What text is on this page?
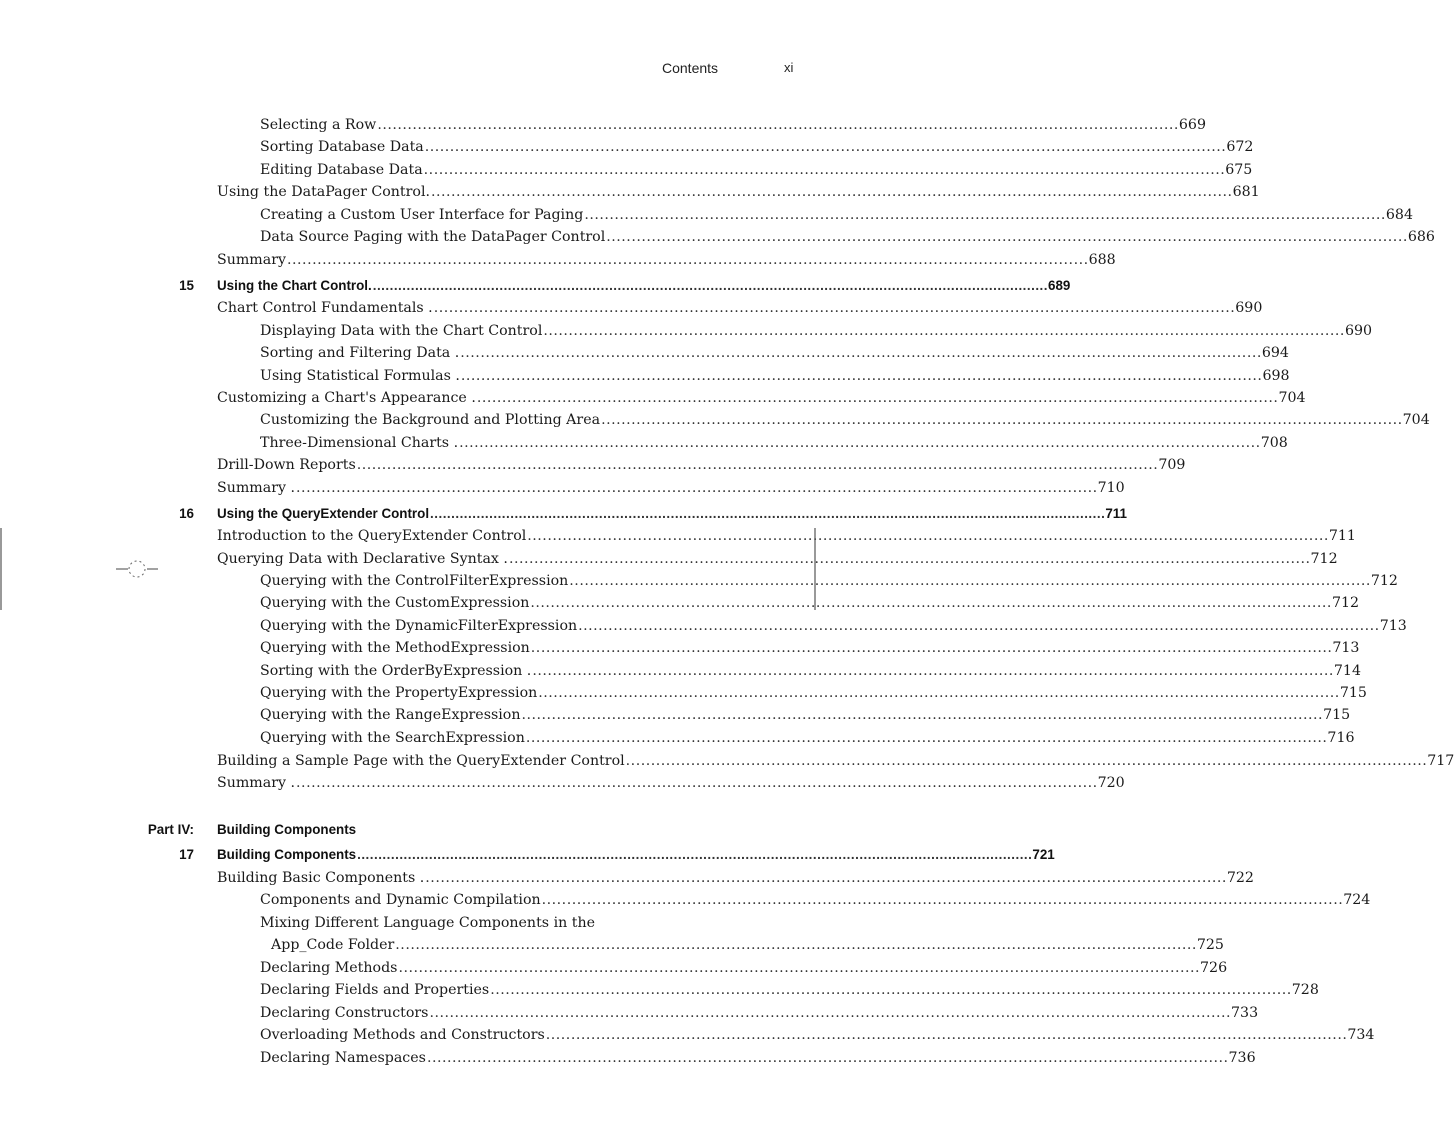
Contents	xi
Selecting a Row ................................................................................................................................................................ 669
Sorting Database Data ................................................................................................................................................................ 672
Editing Database Data ................................................................................................................................................................ 675
Using the DataPager Control. ................................................................................................................................................................ 681
Creating a Custom User Interface for Paging ................................................................................................................................................................ 684
Data Source Paging with the DataPager Control ................................................................................................................................................................ 686
Summary ................................................................................................................................................................ 688
15 Using the Chart Control. ................................................................................................................................................................ 689
Chart Control Fundamentals . ................................................................................................................................................................ 690
Displaying Data with the Chart Control ................................................................................................................................................................ 690
Sorting and Filtering Data . ................................................................................................................................................................ 694
Using Statistical Formulas . ................................................................................................................................................................ 698
Customizing a Chart's Appearance . ................................................................................................................................................................ 704
Customizing the Background and Plotting Area ................................................................................................................................................................ 704
Three-Dimensional Charts . ................................................................................................................................................................ 708
Drill-Down Reports ................................................................................................................................................................ 709
Summary . ................................................................................................................................................................ 710
16 Using the QueryExtender Control ................................................................................................................................................................ 711
Introduction to the QueryExtender Control ................................................................................................................................................................ 711
Querying Data with Declarative Syntax . ................................................................................................................................................................ 712
Querying with the ControlFilterExpression ................................................................................................................................................................ 712
Querying with the CustomExpression ................................................................................................................................................................ 712
Querying with the DynamicFilterExpression ................................................................................................................................................................ 713
Querying with the MethodExpression ................................................................................................................................................................ 713
Sorting with the OrderByExpression . ................................................................................................................................................................ 714
Querying with the PropertyExpression ................................................................................................................................................................ 715
Querying with the RangeExpression ................................................................................................................................................................ 715
Querying with the SearchExpression ................................................................................................................................................................ 716
Building a Sample Page with the QueryExtender Control ................................................................................................................................................................ 717
Summary . ................................................................................................................................................................ 720
Part IV: Building Components
17 Building Components ................................................................................................................................................................ 721
Building Basic Components . ................................................................................................................................................................ 722
Components and Dynamic Compilation ................................................................................................................................................................ 724
Mixing Different Language Components in the
App_Code Folder ................................................................................................................................................................ 725
Declaring Methods ................................................................................................................................................................ 726
Declaring Fields and Properties ................................................................................................................................................................ 728
Declaring Constructors ................................................................................................................................................................ 733
Overloading Methods and Constructors ................................................................................................................................................................ 734
Declaring Namespaces ................................................................................................................................................................ 736
